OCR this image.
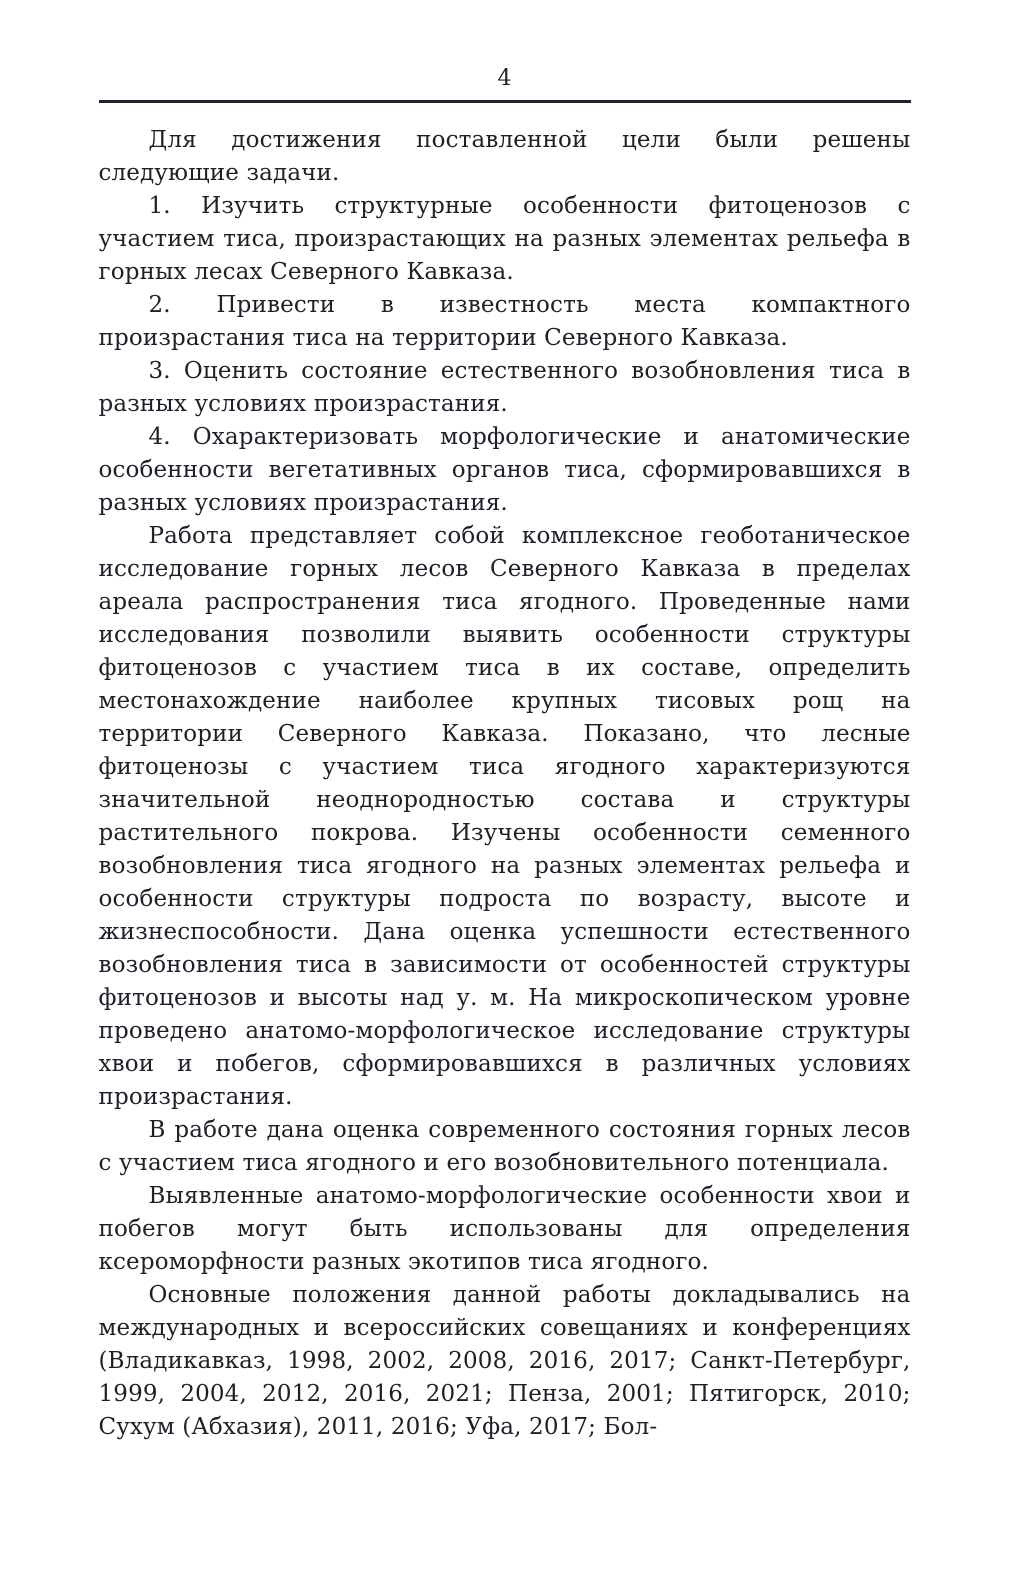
4

Для достижения поставленной цели были решены следующие задачи.

1. Изучить структурные особенности фитоценозов с участием тиса, произрастающих на разных элементах рельефа в горных лесах Северного Кавказа.

2. Привести в известность места компактного произрастания тиса на территории Северного Кавказа.

3. Оценить состояние естественного возобновления тиса в разных условиях произрастания.

4. Охарактеризовать морфологические и анатомические особенности вегетативных органов тиса, сформировавшихся в разных условиях произрастания.

Работа представляет собой комплексное геоботаническое исследование горных лесов Северного Кавказа в пределах ареала распространения тиса ягодного. Проведенные нами исследования позволили выявить особенности структуры фитоценозов с участием тиса в их составе, определить местонахождение наиболее крупных тисовых рощ на территории Северного Кавказа. Показано, что лесные фитоценозы с участием тиса ягодного характеризуются значительной неоднородностью состава и структуры растительного покрова. Изучены особенности семенного возобновления тиса ягодного на разных элементах рельефа и особенности структуры подроста по возрасту, высоте и жизнеспособности. Дана оценка успешности естественного возобновления тиса в зависимости от особенностей структуры фитоценозов и высоты над у. м. На микроскопическом уровне проведено анатомо-морфологическое исследование структуры хвои и побегов, сформировавшихся в различных условиях произрастания.

В работе дана оценка современного состояния горных лесов с участием тиса ягодного и его возобновительного потенциала.

Выявленные анатомо-морфологические особенности хвои и побегов могут быть использованы для определения ксероморфности разных экотипов тиса ягодного.

Основные положения данной работы докладывались на международных и всероссийских совещаниях и конференциях (Владикавказ, 1998, 2002, 2008, 2016, 2017; Санкт-Петербург, 1999, 2004, 2012, 2016, 2021; Пенза, 2001; Пятигорск, 2010; Сухум (Абхазия), 2011, 2016; Уфа, 2017; Бол-
